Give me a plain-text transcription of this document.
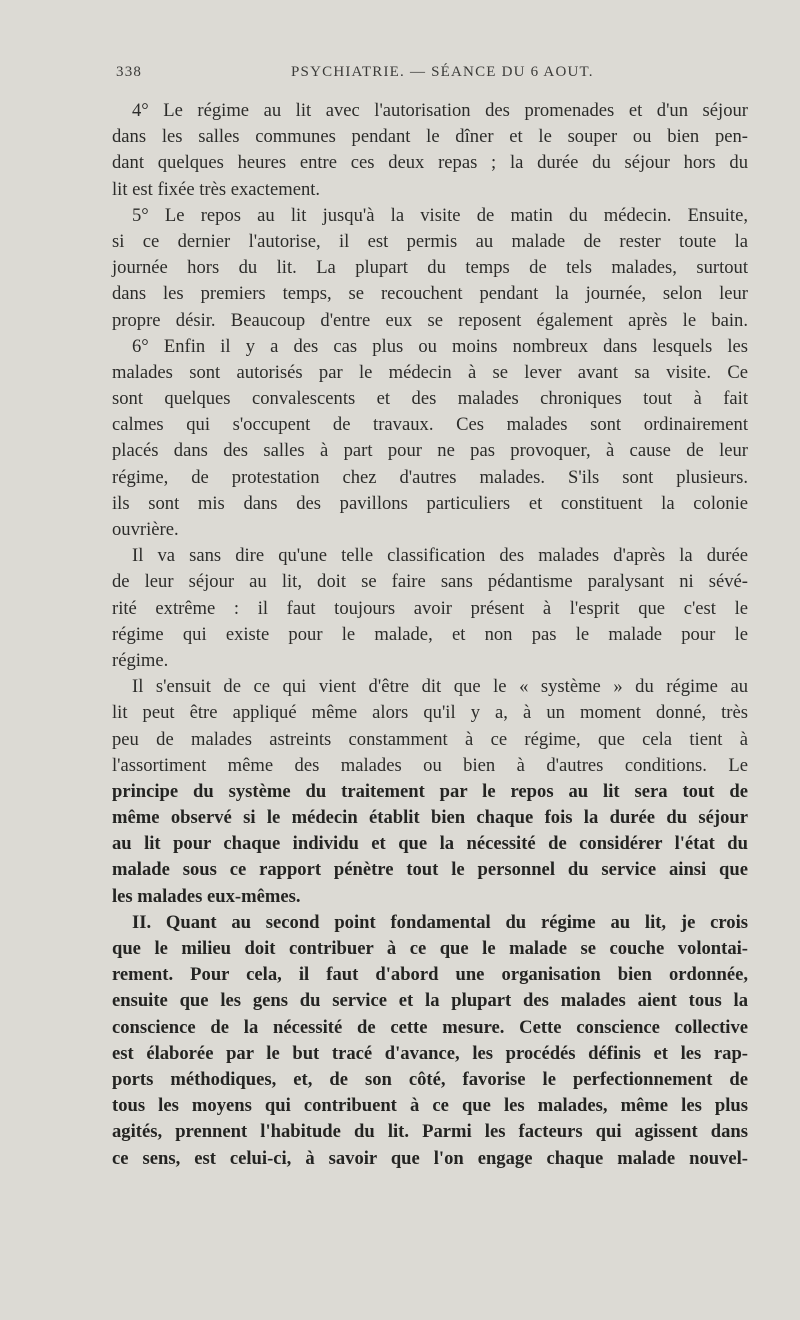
338	PSYCHIATRIE. — SÉANCE DU 6 AOUT.
4° Le régime au lit avec l'autorisation des promenades et d'un séjour
dans les salles communes pendant le dîner et le souper ou bien pen-
dant quelques heures entre ces deux repas ; la durée du séjour hors du
lit est fixée très exactement.
5° Le repos au lit jusqu'à la visite de matin du médecin. Ensuite,
si ce dernier l'autorise, il est permis au malade de rester toute la
journée hors du lit. La plupart du temps de tels malades, surtout
dans les premiers temps, se recouchent pendant la journée, selon leur
propre désir. Beaucoup d'entre eux se reposent également après le bain.
6° Enfin il y a des cas plus ou moins nombreux dans lesquels les
malades sont autorisés par le médecin à se lever avant sa visite. Ce
sont quelques convalescents et des malades chroniques tout à fait
calmes qui s'occupent de travaux. Ces malades sont ordinairement
placés dans des salles à part pour ne pas provoquer, à cause de leur
régime, de protestation chez d'autres malades. S'ils sont plusieurs.
ils sont mis dans des pavillons particuliers et constituent la colonie
ouvrière.
Il va sans dire qu'une telle classification des malades d'après la durée
de leur séjour au lit, doit se faire sans pédantisme paralysant ni sévé-
rité extrême : il faut toujours avoir présent à l'esprit que c'est le
régime qui existe pour le malade, et non pas le malade pour le
régime.
Il s'ensuit de ce qui vient d'être dit que le « système » du régime au
lit peut être appliqué même alors qu'il y a, à un moment donné, très
peu de malades astreints constamment à ce régime, que cela tient à
l'assortiment même des malades ou bien à d'autres conditions. Le
principe du système du traitement par le repos au lit sera tout de
même observé si le médecin établit bien chaque fois la durée du séjour
au lit pour chaque individu et que la nécessité de considérer l'état du
malade sous ce rapport pénètre tout le personnel du service ainsi que
les malades eux-mêmes.
II. Quant au second point fondamental du régime au lit, je crois
que le milieu doit contribuer à ce que le malade se couche volontai-
rement. Pour cela, il faut d'abord une organisation bien ordonnée,
ensuite que les gens du service et la plupart des malades aient tous la
conscience de la nécessité de cette mesure. Cette conscience collective
est élaborée par le but tracé d'avance, les procédés définis et les rap-
ports méthodiques, et, de son côté, favorise le perfectionnement de
tous les moyens qui contribuent à ce que les malades, même les plus
agités, prennent l'habitude du lit. Parmi les facteurs qui agissent dans
ce sens, est celui-ci, à savoir que l'on engage chaque malade nouvel-
